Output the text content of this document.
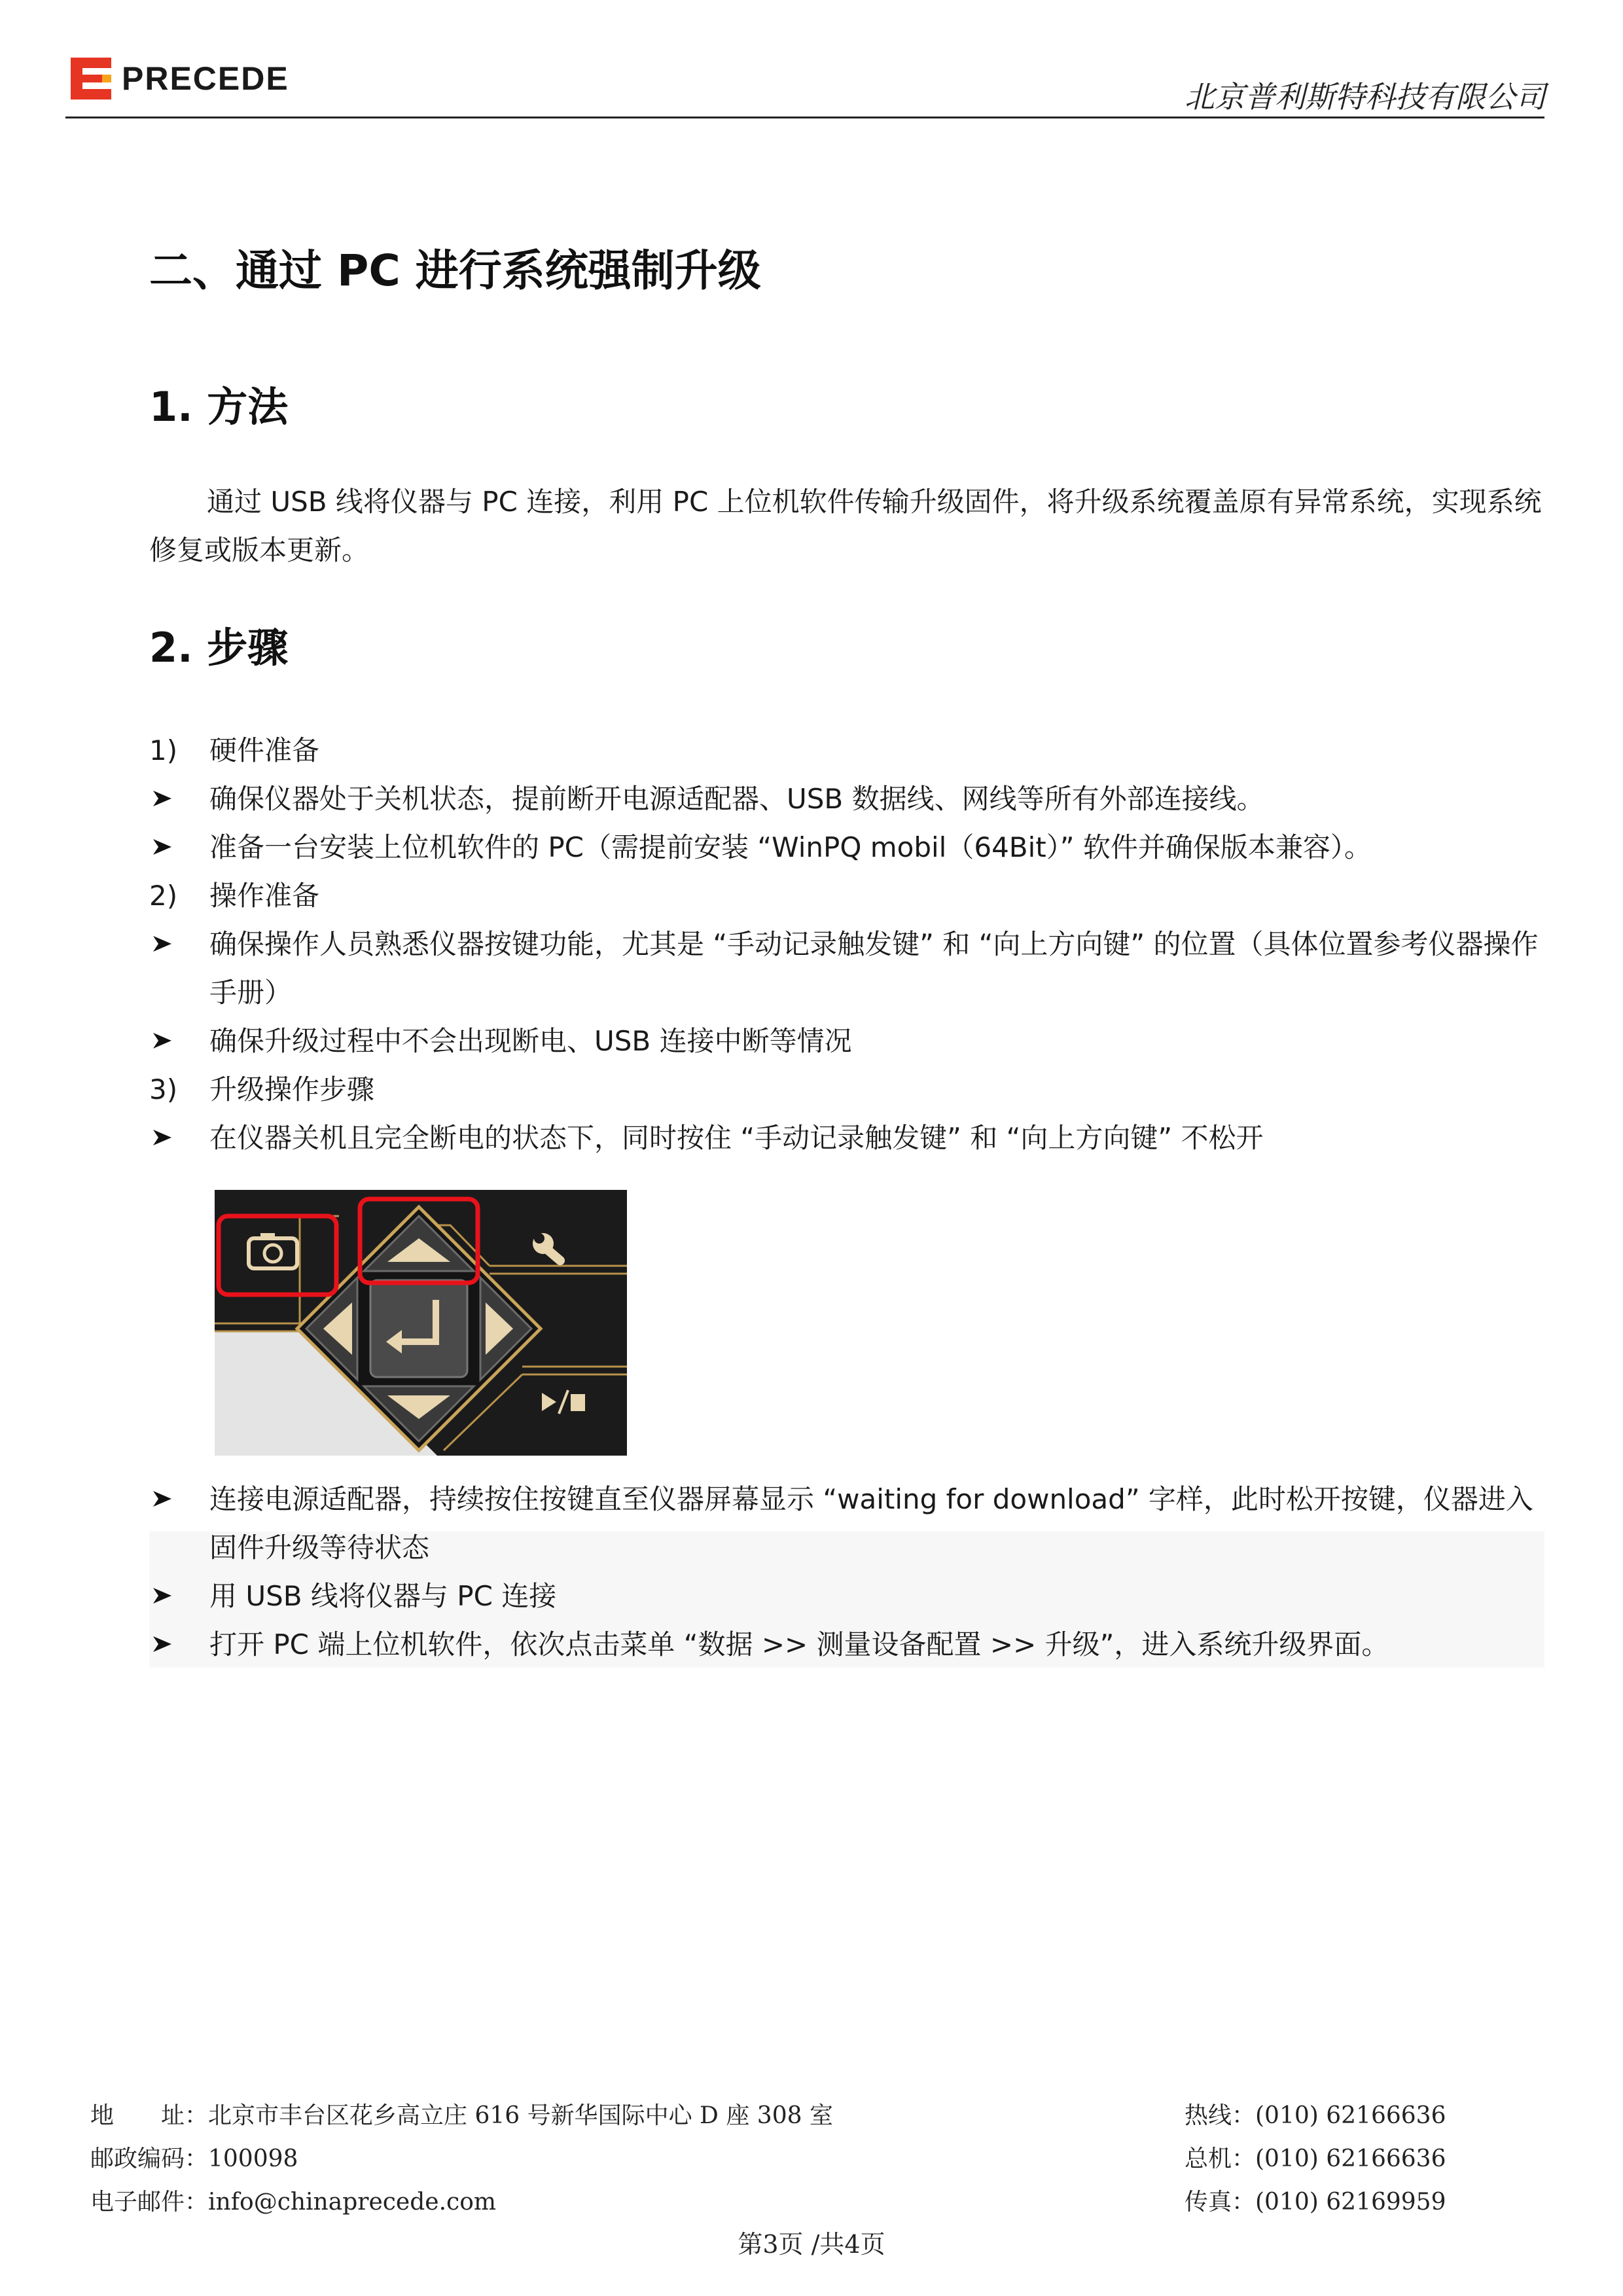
PRECEDE	北京普利斯特科技有限公司
二、通过 PC 进行系统强制升级
1. 方法
通过 USB 线将仪器与 PC 连接，利用 PC 上位机软件传输升级固件，将升级系统覆盖原有异常系统，实现系统修复或版本更新。
2. 步骤
1)	硬件准备
确保仪器处于关机状态，提前断开电源适配器、USB 数据线、网线等所有外部连接线。
准备一台安装上位机软件的 PC（需提前安装 “WinPQ mobil（64Bit）” 软件并确保版本兼容）。
2)	操作准备
确保操作人员熟悉仪器按键功能，尤其是 “手动记录触发键” 和 “向上方向键” 的位置（具体位置参考仪器操作手册）
确保升级过程中不会出现断电、USB 连接中断等情况
3)	升级操作步骤
在仪器关机且完全断电的状态下，同时按住 “手动记录触发键” 和 “向上方向键” 不松开
连接电源适配器，持续按住按键直至仪器屏幕显示 “waiting for download” 字样，此时松开按键，仪器进入固件升级等待状态
用 USB 线将仪器与 PC 连接
打开 PC 端上位机软件，依次点击菜单 “数据 >> 测量设备配置 >> 升级”，进入系统升级界面。
地　　址：北京市丰台区花乡高立庄 616 号新华国际中心 D 座 308 室
邮政编码：100098
电子邮件：info@chinaprecede.com
热线：(010) 62166636
总机：(010) 62166636
传真：(010) 62169959
第3页 /共4页
